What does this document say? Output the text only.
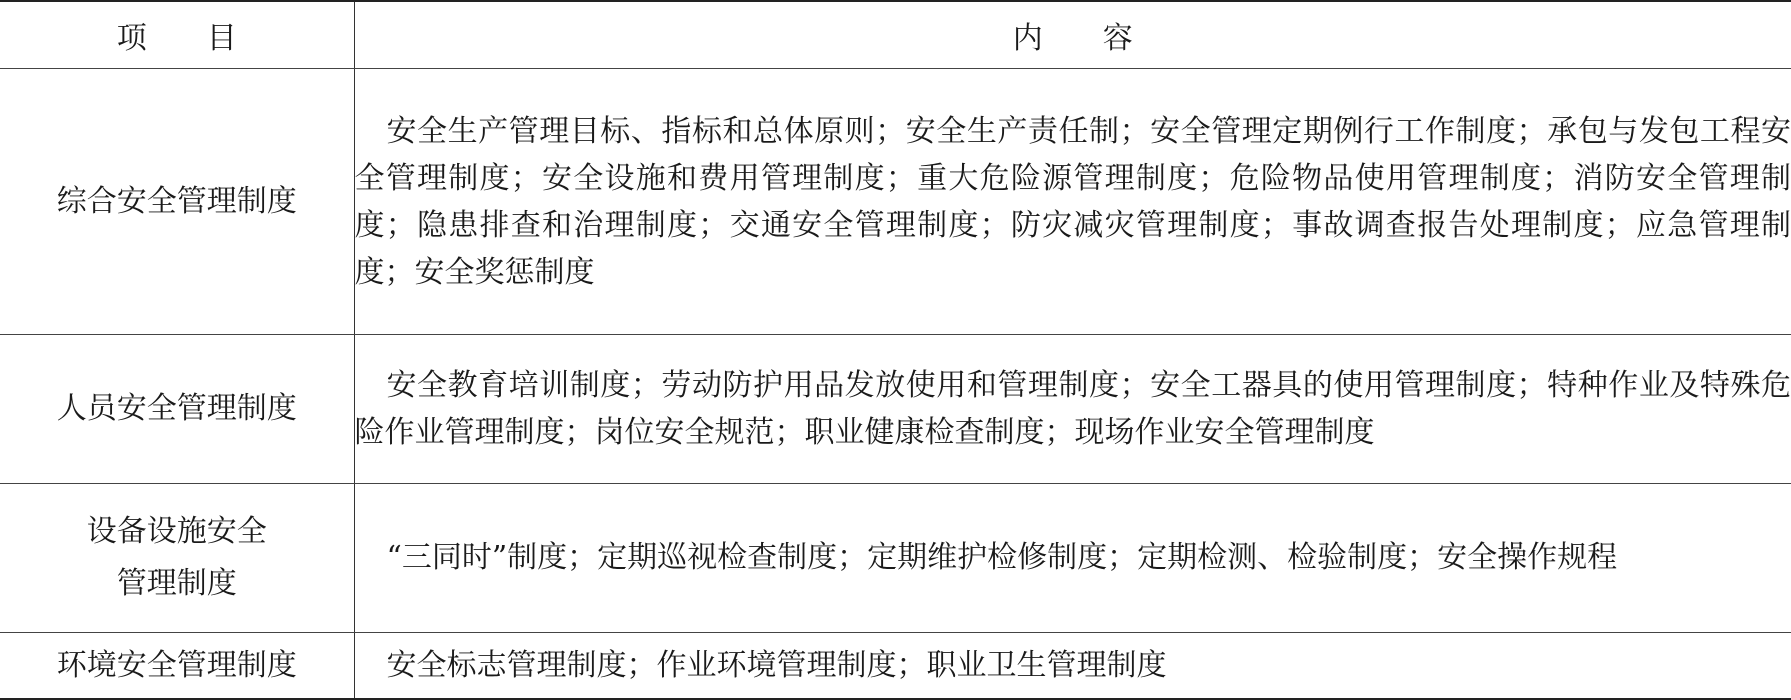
项　　目	内　　容
综合安全管理制度	安全生产管理目标、指标和总体原则；安全生产责任制；安全管理定期例行工作制度；承包与发包工程安全管理制度；安全设施和费用管理制度；重大危险源管理制度；危险物品使用管理制度；消防安全管理制度；隐患排查和治理制度；交通安全管理制度；防灾减灾管理制度；事故调查报告处理制度；应急管理制度；安全奖惩制度

人员安全管理制度	安全教育培训制度；劳动防护用品发放使用和管理制度；安全工器具的使用管理制度；特种作业及特殊危险作业管理制度；岗位安全规范；职业健康检查制度；现场作业安全管理制度

设备设施安全
管理制度	“三同时”制度；定期巡视检查制度；定期维护检修制度；定期检测、检验制度；安全操作规程

环境安全管理制度	安全标志管理制度；作业环境管理制度；职业卫生管理制度
